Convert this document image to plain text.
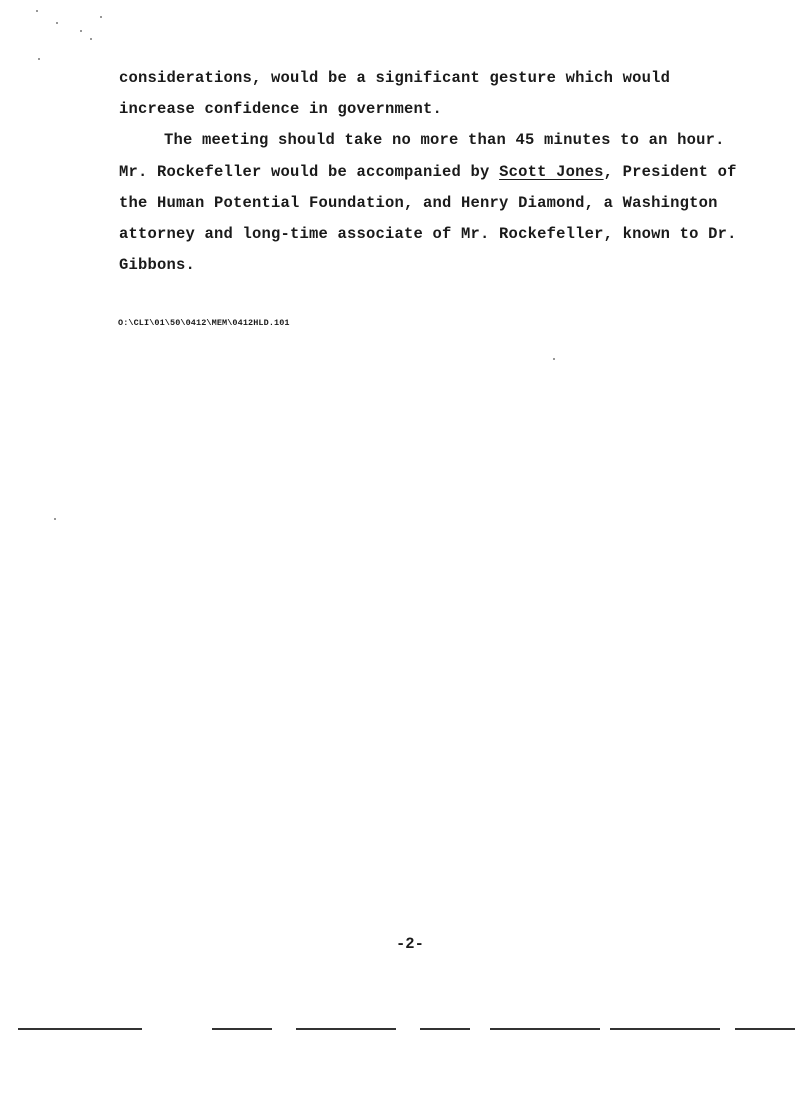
considerations, would be a significant gesture which would
increase confidence in government.
The meeting should take no more than 45 minutes to an hour.
Mr. Rockefeller would be accompanied by Scott Jones, President of
the Human Potential Foundation, and Henry Diamond, a Washington
attorney and long-time associate of Mr. Rockefeller, known to Dr.
Gibbons.
O:\CLI\01\50\0412\MEM\0412HLD.101
-2-
